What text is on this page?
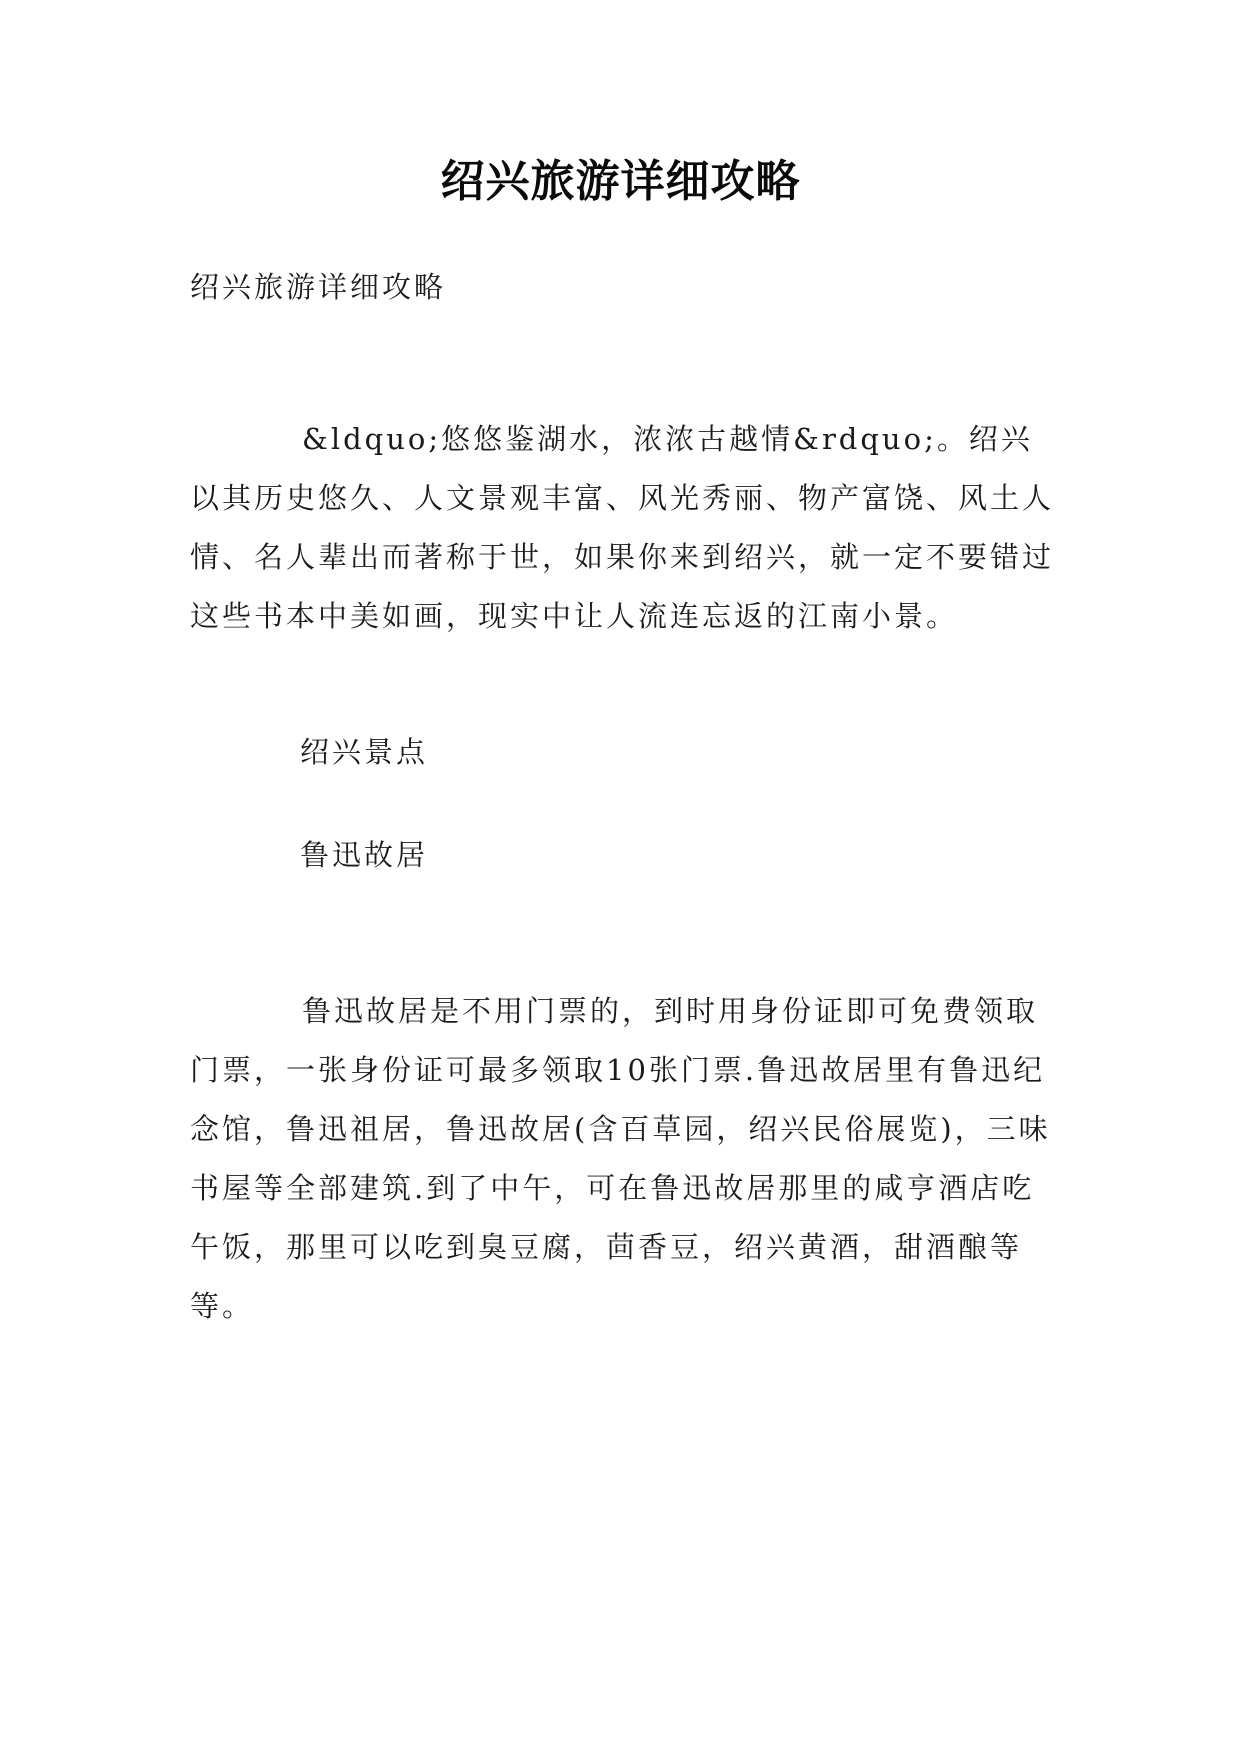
绍兴旅游详细攻略

绍兴旅游详细攻略

&ldquo;悠悠鉴湖水，浓浓古越情&rdquo;。绍兴以其历史悠久、人文景观丰富、风光秀丽、物产富饶、风土人情、名人辈出而著称于世，如果你来到绍兴，就一定不要错过这些书本中美如画，现实中让人流连忘返的江南小景。

绍兴景点

鲁迅故居

鲁迅故居是不用门票的，到时用身份证即可免费领取门票，一张身份证可最多领取10张门票.鲁迅故居里有鲁迅纪念馆，鲁迅祖居，鲁迅故居(含百草园，绍兴民俗展览)，三味书屋等全部建筑.到了中午，可在鲁迅故居那里的咸亨酒店吃午饭，那里可以吃到臭豆腐，茴香豆，绍兴黄酒，甜酒酿等等。
